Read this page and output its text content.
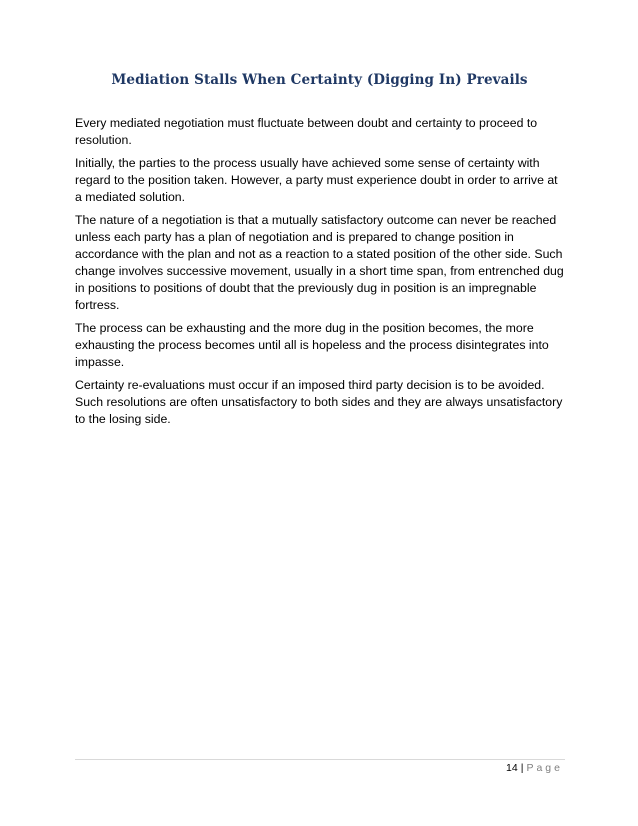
Mediation Stalls When Certainty (Digging In) Prevails

Every mediated negotiation must fluctuate between doubt and certainty to proceed to resolution.

Initially, the parties to the process usually have achieved some sense of certainty with regard to the position taken. However, a party must experience doubt in order to arrive at a mediated solution.

The nature of a negotiation is that a mutually satisfactory outcome can never be reached unless each party has a plan of negotiation and is prepared to change position in accordance with the plan and not as a reaction to a stated position of the other side. Such change involves successive movement, usually in a short time span, from entrenched dug in positions to positions of doubt that the previously dug in position is an impregnable fortress.

The process can be exhausting and the more dug in the position becomes, the more exhausting the process becomes until all is hopeless and the process disintegrates into impasse.

Certainty re-evaluations must occur if an imposed third party decision is to be avoided. Such resolutions are often unsatisfactory to both sides and they are always unsatisfactory to the losing side.

14 | Page
